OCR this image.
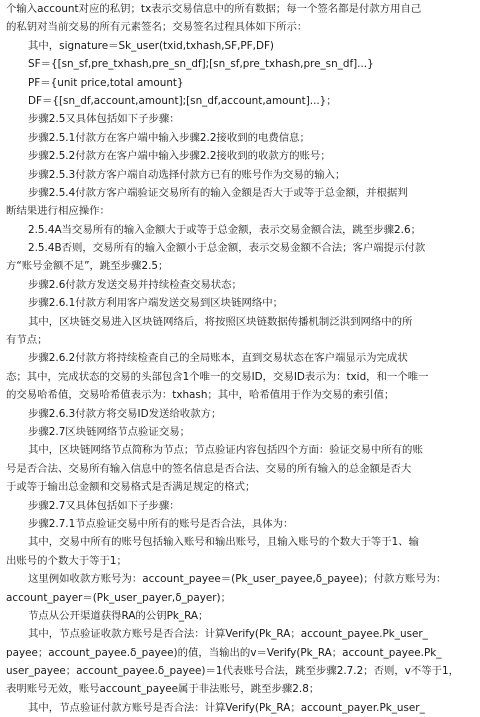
个输入account对应的私钥；tx表示交易信息中的所有数据；每一个签名都是付款方用自己
的私钥对当前交易的所有元素签名；交易签名过程具体如下所示：
其中，signature＝Sk_user(txid,txhash,SF,PF,DF)
SF＝{[sn_sf,pre_txhash,pre_sn_df];[sn_sf,pre_txhash,pre_sn_df]...}
PF＝{unit price,total amount}
DF＝{[sn_df,account,amount];[sn_df,account,amount]...}；
步骤2.5又具体包括如下子步骤：
步骤2.5.1付款方在客户端中输入步骤2.2接收到的电费信息；
步骤2.5.2付款方在客户端中输入步骤2.2接收到的收款方的账号；
步骤2.5.3付款方客户端自动选择付款方已有的账号作为交易的输入；
步骤2.5.4付款方客户端验证交易所有的输入金额是否大于或等于总金额，并根据判
断结果进行相应操作：
2.5.4A当交易所有的输入金额大于或等于总金额，表示交易金额合法，跳至步骤2.6；
2.5.4B否则，交易所有的输入金额小于总金额，表示交易金额不合法；客户端提示付款
方“账号金额不足”，跳至步骤2.5；
步骤2.6付款方发送交易并持续检查交易状态；
步骤2.6.1付款方利用客户端发送交易到区块链网络中；
其中，区块链交易进入区块链网络后，将按照区块链数据传播机制泛洪到网络中的所
有节点；
步骤2.6.2付款方将持续检查自己的全局账本，直到交易状态在客户端显示为完成状
态；其中，完成状态的交易的头部包含1个唯一的交易ID，交易ID表示为：txid，和一个唯一
的交易哈希值，交易哈希值表示为：txhash；其中，哈希值用于作为交易的索引值；
步骤2.6.3付款方将交易ID发送给收款方；
步骤2.7区块链网络节点验证交易；
其中，区块链网络节点简称为节点；节点验证内容包括四个方面：验证交易中所有的账
号是否合法、交易所有输入信息中的签名信息是否合法、交易的所有输入的总金额是否大
于或等于输出总金额和交易格式是否满足规定的格式；
步骤2.7又具体包括如下子步骤：
步骤2.7.1节点验证交易中所有的账号是否合法，具体为：
其中，交易中所有的账号包括输入账号和输出账号，且输入账号的个数大于等于1、输
出账号的个数大于等于1；
这里例如收款方账号为：account_payee＝(Pk_user_payee,δ_payee)；付款方账号为：
account_payer＝(Pk_user_payer,δ_payer)；
节点从公开渠道获得RA的公钥Pk_RA；
其中，节点验证收款方账号是否合法：计算Verify(Pk_RA；account_payee.Pk_user_
payee；account_payee.δ_payee)的值，当输出的v＝Verify(Pk_RA；account_payee.Pk_
user_payee；account_payee.δ_payee)＝1代表账号合法，跳至步骤2.7.2；否则，v不等于1，
表明账号无效，账号account_payee属于非法账号，跳至步骤2.8；
其中，节点验证付款方账号是否合法：计算Verify(Pk_RA；account_payer.Pk_user_
